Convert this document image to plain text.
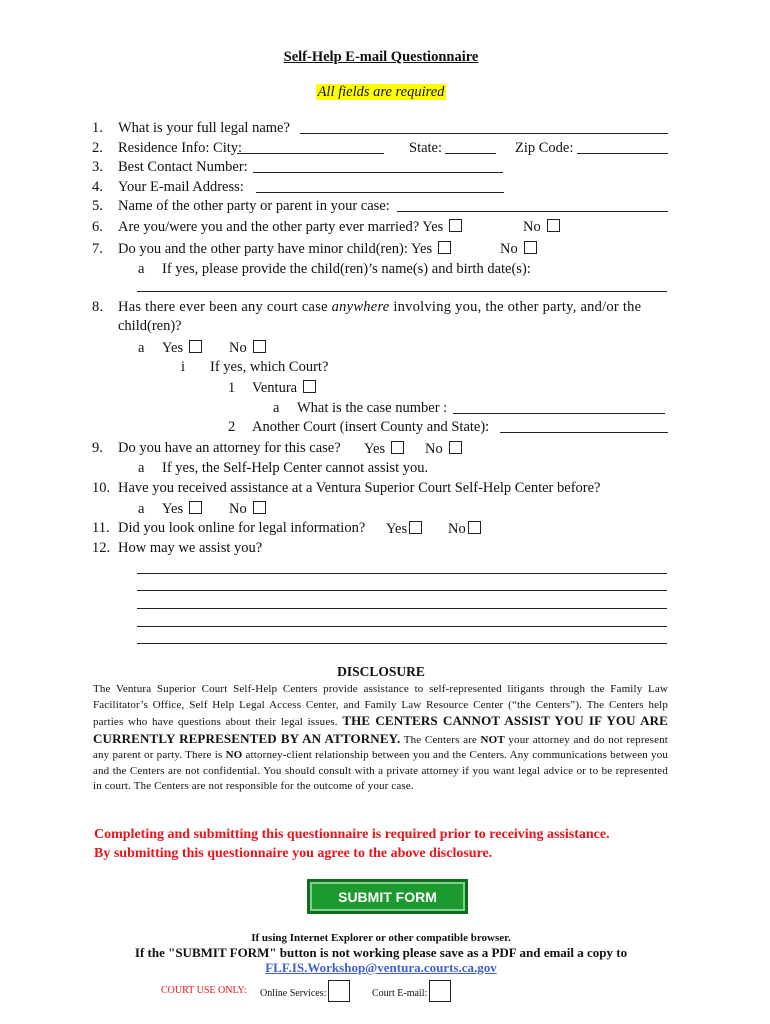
Self-Help E-mail Questionnaire
All fields are required
1. What is your full legal name?
2. Residence Info: City:	State:	Zip Code:
3. Best Contact Number:
4. Your E-mail Address:
5. Name of the other party or parent in your case:
6. Are you/were you and the other party ever married? Yes	No
7. Do you and the other party have minor child(ren): Yes	No
a If yes, please provide the child(ren)’s name(s) and birth date(s):
8. Has there ever been any court case anywhere involving you, the other party, and/or the
child(ren)?
a Yes	No
i If yes, which Court?
1 Ventura
a What is the case number :
2 Another Court (insert County and State):
9. Do you have an attorney for this case? Yes	No
a If yes, the Self-Help Center cannot assist you.
10. Have you received assistance at a Ventura Superior Court Self-Help Center before?
a Yes	No
11. Did you look online for legal information? Yes	No
12. How may we assist you?
DISCLOSURE

The Ventura Superior Court Self-Help Centers provide assistance to self-represented litigants through the Family Law Facilitator’s Office, Self Help Legal Access Center, and Family Law Resource Center (“the Centers”). The Centers help parties who have questions about their legal issues. THE CENTERS CANNOT ASSIST YOU IF YOU ARE CURRENTLY REPRESENTED BY AN ATTORNEY. The Centers are NOT your attorney and do not represent any parent or party. There is NO attorney-client relationship between you and the Centers. Any communications between you and the Centers are not confidential. You should consult with a private attorney if you want legal advice or to be represented in court. The Centers are not responsible for the outcome of your case.

Completing and submitting this questionnaire is required prior to receiving assistance.
By submitting this questionnaire you agree to the above disclosure.
SUBMIT FORM
If using Internet Explorer or other compatible browser.
If the "SUBMIT FORM" button is not working please save as a PDF and email a copy to
FLF.IS.Workshop@ventura.courts.ca.gov
COURT USE ONLY: Online Services:	Court E-mail:
